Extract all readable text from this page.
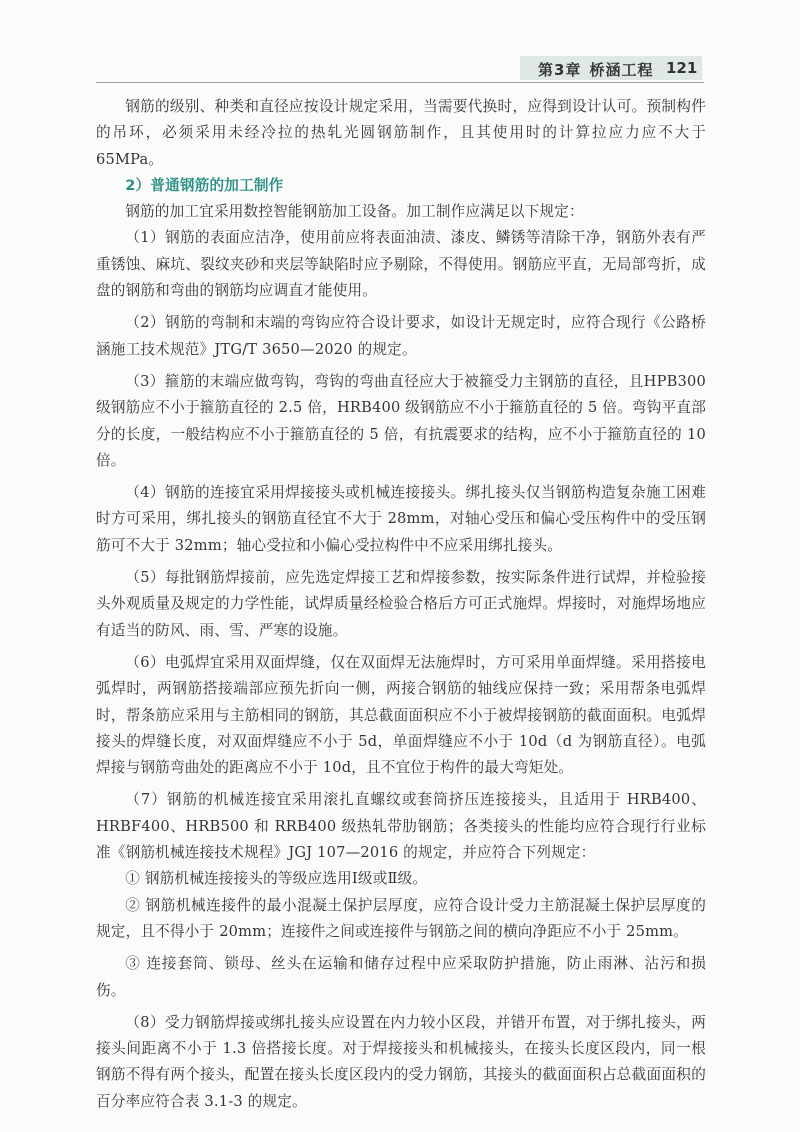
第3章 桥涵工程 121

钢筋的级别、种类和直径应按设计规定采用，当需要代换时，应得到设计认可。预制构件的吊环，必须采用未经冷拉的热轧光圆钢筋制作，且其使用时的计算拉应力应不大于 65MPa。

2）普通钢筋的加工制作

钢筋的加工宜采用数控智能钢筋加工设备。加工制作应满足以下规定：

（1）钢筋的表面应洁净，使用前应将表面油渍、漆皮、鳞锈等清除干净，钢筋外表有严重锈蚀、麻坑、裂纹夹砂和夹层等缺陷时应予剔除，不得使用。钢筋应平直，无局部弯折，成盘的钢筋和弯曲的钢筋均应调直才能使用。

（2）钢筋的弯制和末端的弯钩应符合设计要求，如设计无规定时，应符合现行《公路桥涵施工技术规范》JTG/T 3650—2020 的规定。

（3）箍筋的末端应做弯钩，弯钩的弯曲直径应大于被箍受力主钢筋的直径，且HPB300 级钢筋应不小于箍筋直径的 2.5 倍，HRB400 级钢筋应不小于箍筋直径的 5 倍。弯钩平直部分的长度，一般结构应不小于箍筋直径的 5 倍，有抗震要求的结构，应不小于箍筋直径的 10 倍。

（4）钢筋的连接宜采用焊接接头或机械连接接头。绑扎接头仅当钢筋构造复杂施工困难时方可采用，绑扎接头的钢筋直径宜不大于 28mm，对轴心受压和偏心受压构件中的受压钢筋可不大于 32mm；轴心受拉和小偏心受拉构件中不应采用绑扎接头。

（5）每批钢筋焊接前，应先选定焊接工艺和焊接参数，按实际条件进行试焊，并检验接头外观质量及规定的力学性能，试焊质量经检验合格后方可正式施焊。焊接时，对施焊场地应有适当的防风、雨、雪、严寒的设施。

（6）电弧焊宜采用双面焊缝，仅在双面焊无法施焊时，方可采用单面焊缝。采用搭接电弧焊时，两钢筋搭接端部应预先折向一侧，两接合钢筋的轴线应保持一致；采用帮条电弧焊时，帮条筋应采用与主筋相同的钢筋，其总截面面积应不小于被焊接钢筋的截面面积。电弧焊接头的焊缝长度，对双面焊缝应不小于 5d，单面焊缝应不小于 10d（d 为钢筋直径）。电弧焊接与钢筋弯曲处的距离应不小于 10d，且不宜位于构件的最大弯矩处。

（7）钢筋的机械连接宜采用滚扎直螺纹或套筒挤压连接接头，且适用于 HRB400、HRBF400、HRB500 和 RRB400 级热轧带肋钢筋；各类接头的性能均应符合现行行业标准《钢筋机械连接技术规程》JGJ 107—2016 的规定，并应符合下列规定：

① 钢筋机械连接接头的等级应选用Ⅰ级或Ⅱ级。

② 钢筋机械连接件的最小混凝土保护层厚度，应符合设计受力主筋混凝土保护层厚度的规定，且不得小于 20mm；连接件之间或连接件与钢筋之间的横向净距应不小于 25mm。

③ 连接套筒、锁母、丝头在运输和储存过程中应采取防护措施，防止雨淋、沾污和损伤。

（8）受力钢筋焊接或绑扎接头应设置在内力较小区段，并错开布置，对于绑扎接头，两接头间距离不小于 1.3 倍搭接长度。对于焊接接头和机械接头，在接头长度区段内，同一根钢筋不得有两个接头，配置在接头长度区段内的受力钢筋，其接头的截面面积占总截面面积的百分率应符合表 3.1-3 的规定。
